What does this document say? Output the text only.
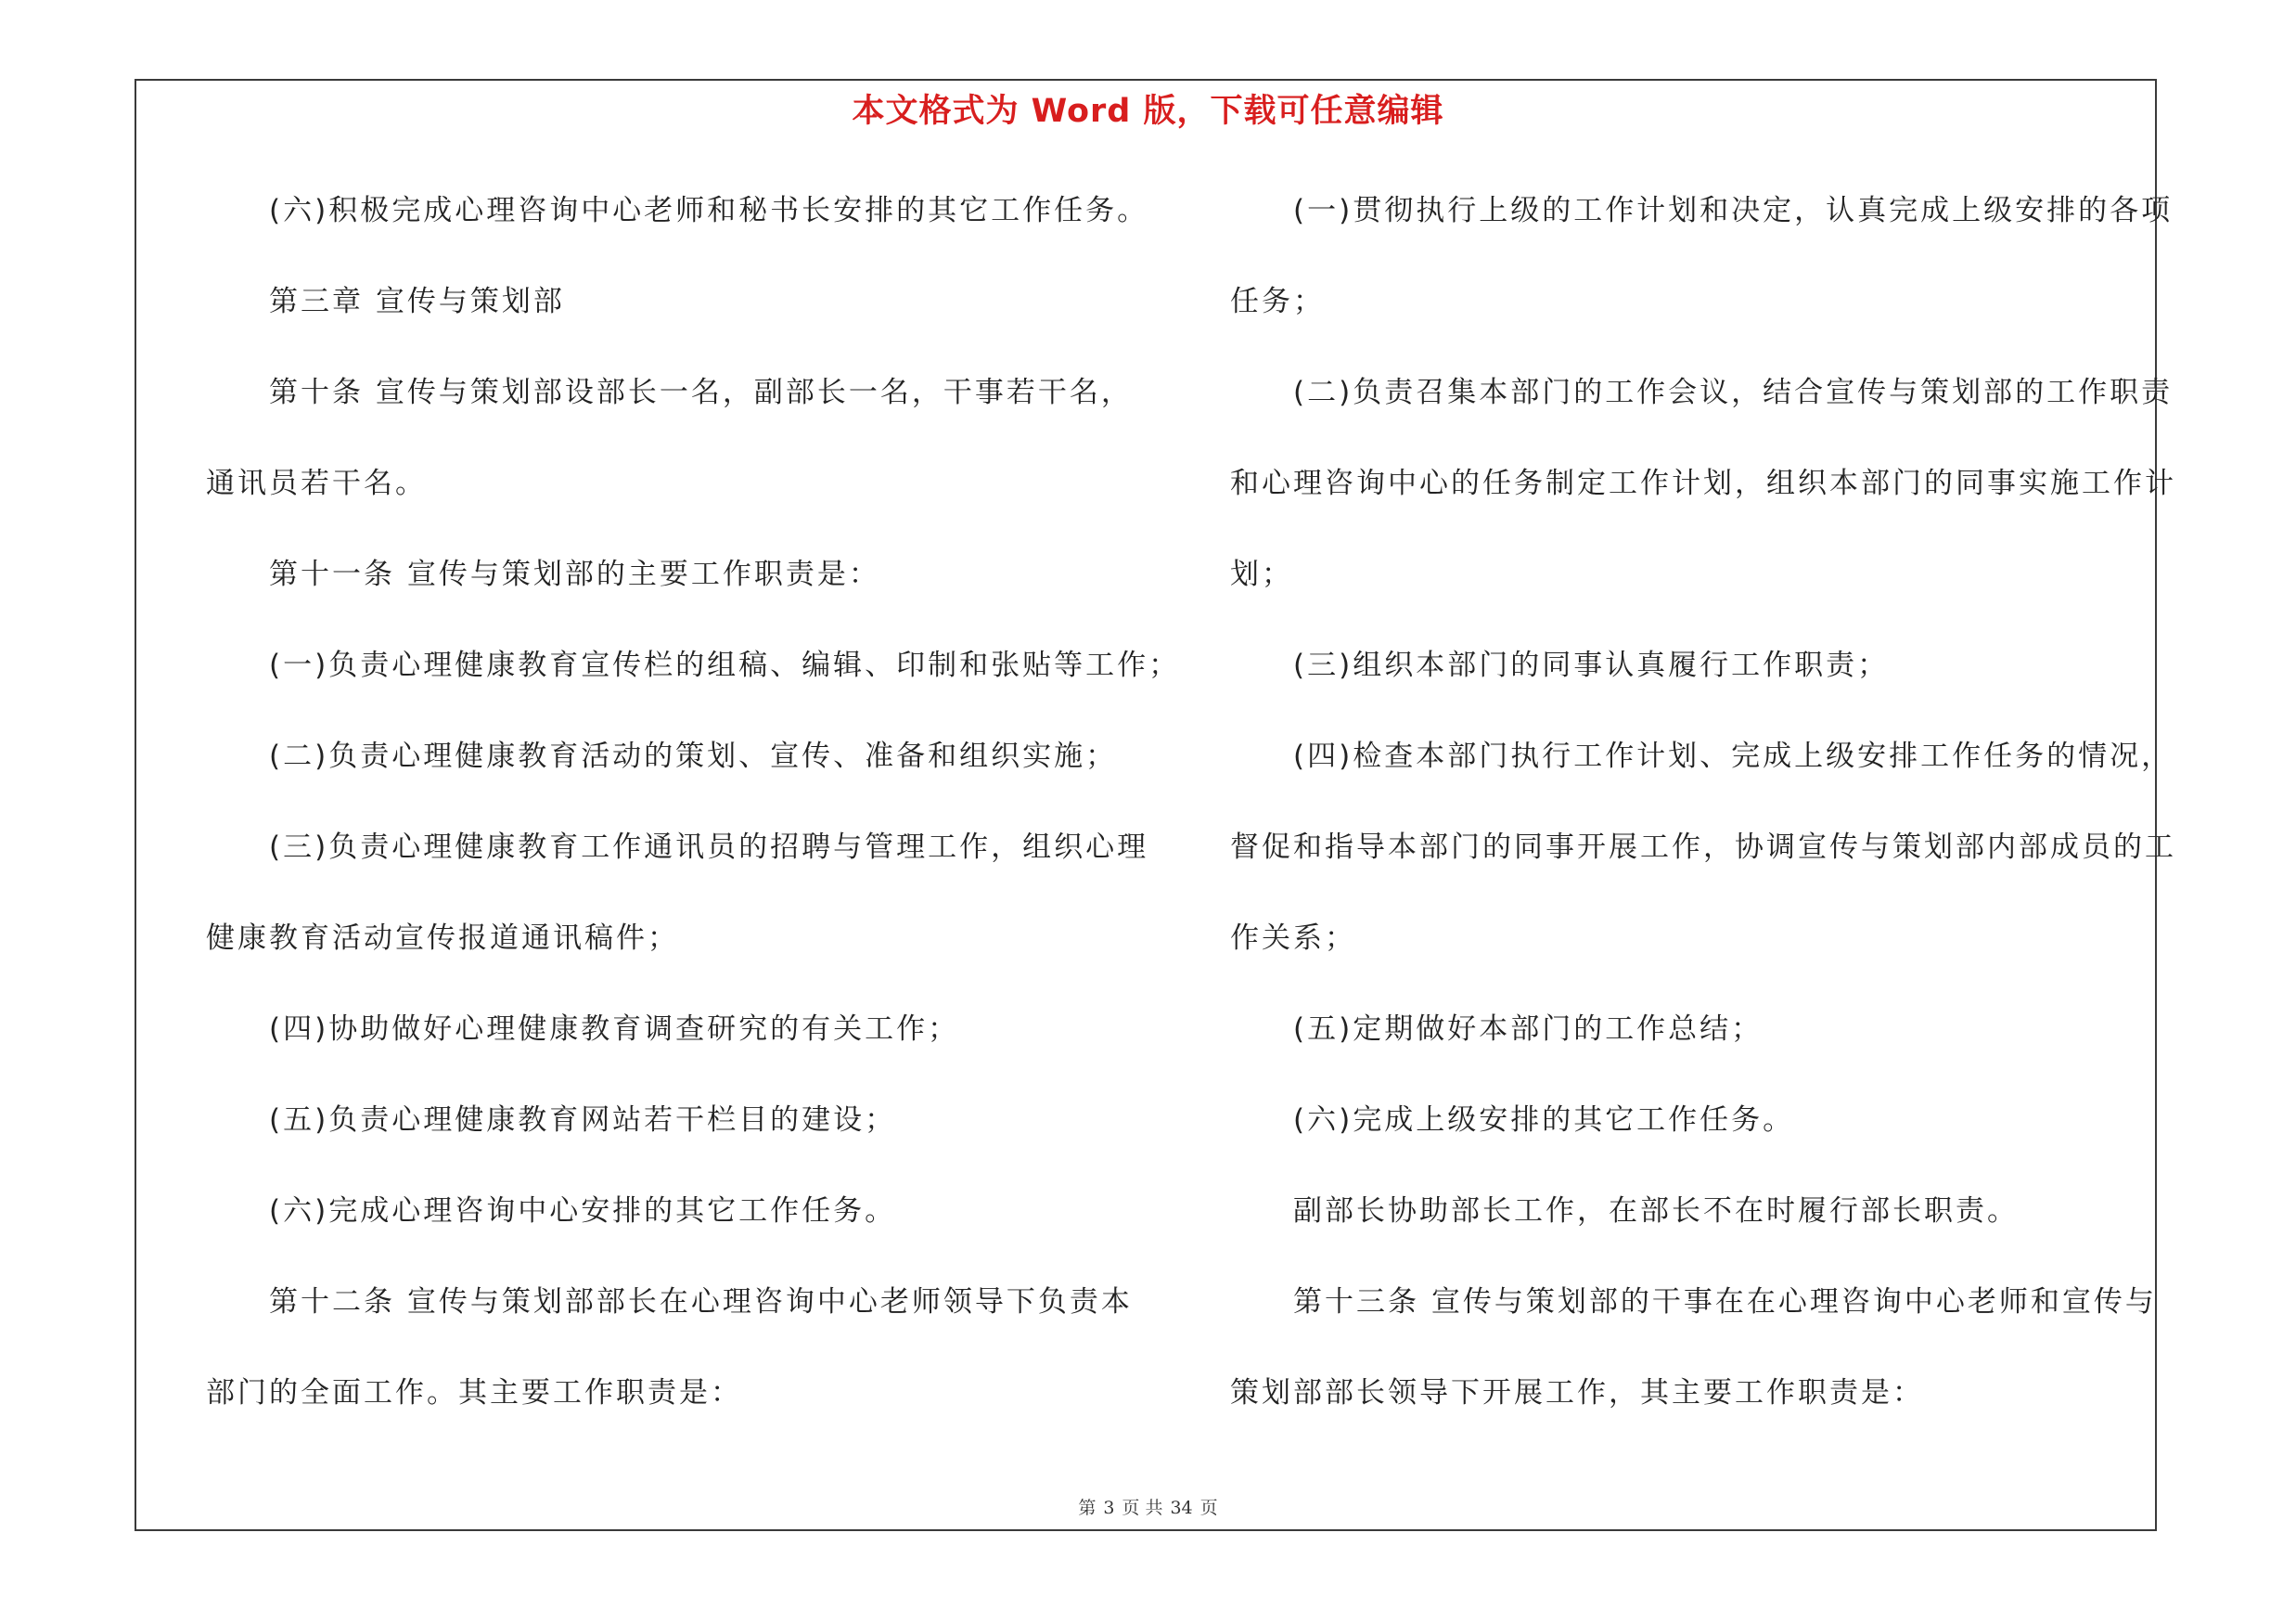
本文格式为 Word 版，下载可任意编辑
(六)积极完成心理咨询中心老师和秘书长安排的其它工作任务。
第三章 宣传与策划部
第十条 宣传与策划部设部长一名，副部长一名，干事若干名，
通讯员若干名。
第十一条 宣传与策划部的主要工作职责是：
(一)负责心理健康教育宣传栏的组稿、编辑、印制和张贴等工作；
(二)负责心理健康教育活动的策划、宣传、准备和组织实施；
(三)负责心理健康教育工作通讯员的招聘与管理工作，组织心理
健康教育活动宣传报道通讯稿件；
(四)协助做好心理健康教育调查研究的有关工作；
(五)负责心理健康教育网站若干栏目的建设；
(六)完成心理咨询中心安排的其它工作任务。
第十二条 宣传与策划部部长在心理咨询中心老师领导下负责本
部门的全面工作。其主要工作职责是：
(一)贯彻执行上级的工作计划和决定，认真完成上级安排的各项
任务；
(二)负责召集本部门的工作会议，结合宣传与策划部的工作职责
和心理咨询中心的任务制定工作计划，组织本部门的同事实施工作计
划；
(三)组织本部门的同事认真履行工作职责；
(四)检查本部门执行工作计划、完成上级安排工作任务的情况，
督促和指导本部门的同事开展工作，协调宣传与策划部内部成员的工
作关系；
(五)定期做好本部门的工作总结；
(六)完成上级安排的其它工作任务。
副部长协助部长工作，在部长不在时履行部长职责。
第十三条 宣传与策划部的干事在在心理咨询中心老师和宣传与
策划部部长领导下开展工作，其主要工作职责是：
第 3 页 共 34 页
